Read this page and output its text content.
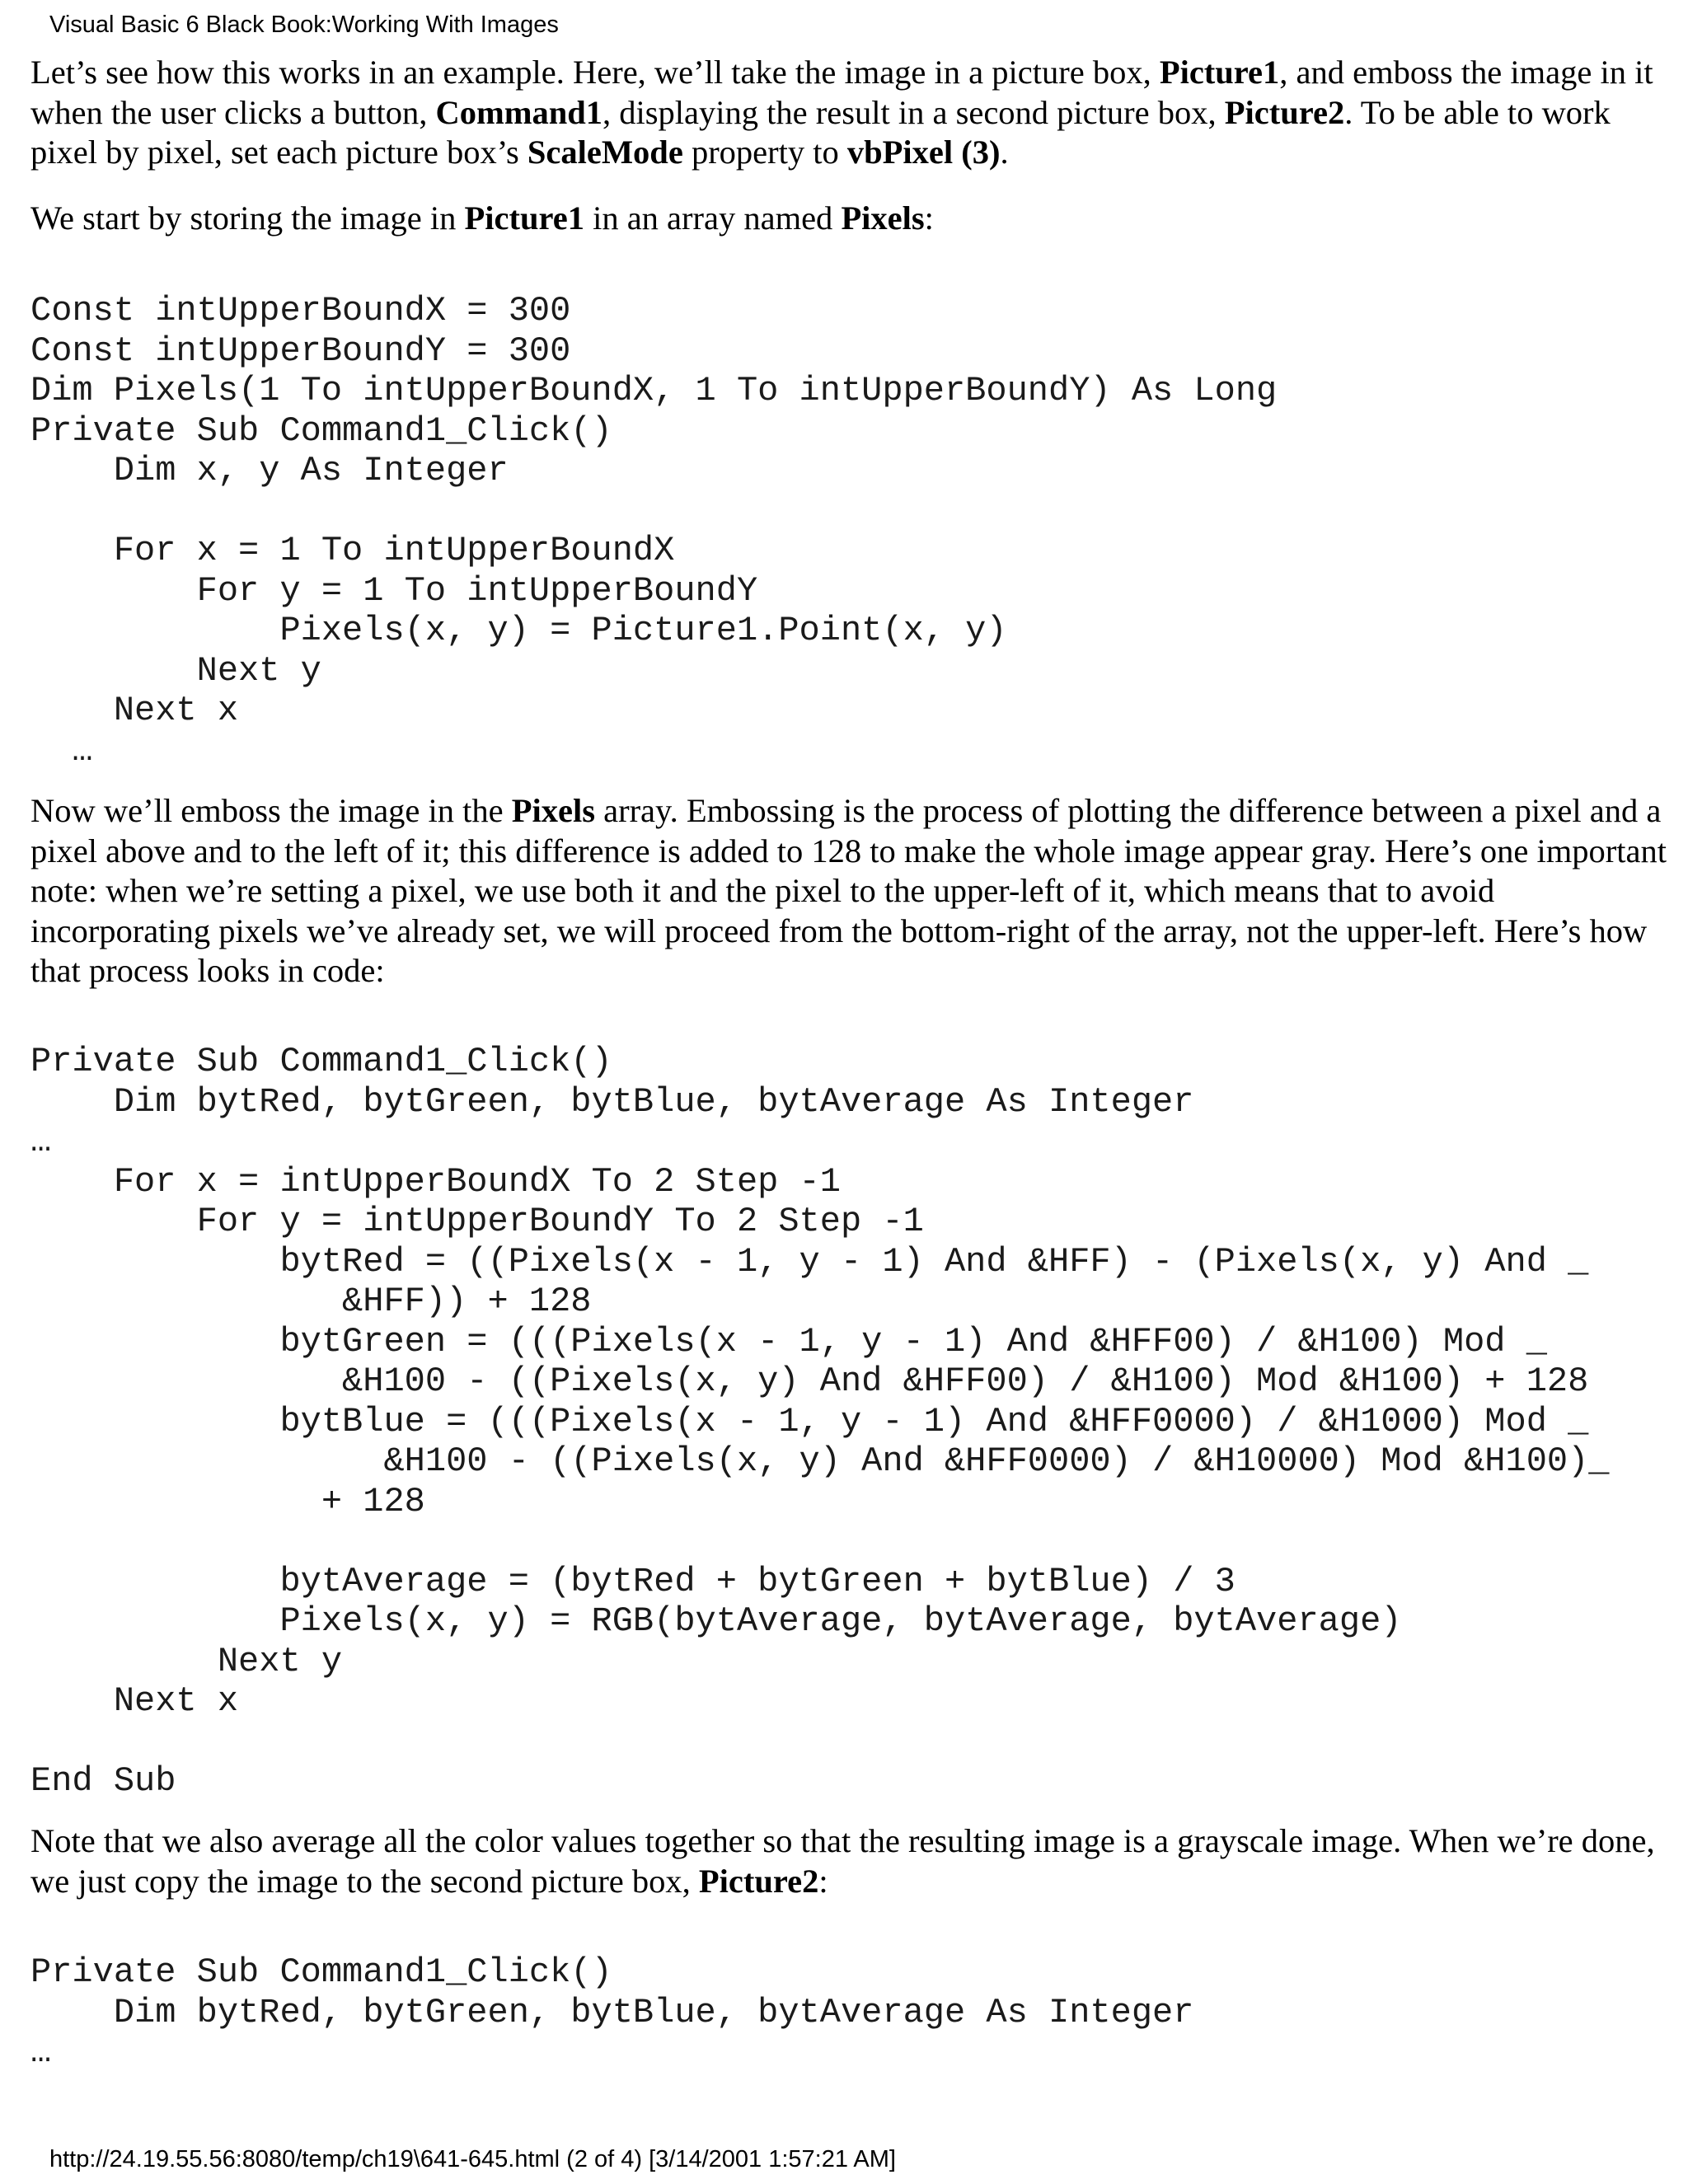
Visual Basic 6 Black Book:Working With Images

Let’s see how this works in an example. Here, we’ll take the image in a picture box, Picture1, and emboss the image in it when the user clicks a button, Command1, displaying the result in a second picture box, Picture2. To be able to work pixel by pixel, set each picture box’s ScaleMode property to vbPixel (3).

We start by storing the image in Picture1 in an array named Pixels:

Const intUpperBoundX = 300
Const intUpperBoundY = 300
Dim Pixels(1 To intUpperBoundX, 1 To intUpperBoundY) As Long
Private Sub Command1_Click()
Dim x, y As Integer

For x = 1 To intUpperBoundX
For y = 1 To intUpperBoundY
Pixels(x, y) = Picture1.Point(x, y)
Next y
Next x
…

Now we’ll emboss the image in the Pixels array. Embossing is the process of plotting the difference between a pixel and a pixel above and to the left of it; this difference is added to 128 to make the whole image appear gray. Here’s one important note: when we’re setting a pixel, we use both it and the pixel to the upper-left of it, which means that to avoid incorporating pixels we’ve already set, we will proceed from the bottom-right of the array, not the upper-left. Here’s how that process looks in code:

Private Sub Command1_Click()
Dim bytRed, bytGreen, bytBlue, bytAverage As Integer
…
For x = intUpperBoundX To 2 Step -1
For y = intUpperBoundY To 2 Step -1
bytRed = ((Pixels(x - 1, y - 1) And &HFF) - (Pixels(x, y) And _
&HFF)) + 128
bytGreen = (((Pixels(x - 1, y - 1) And &HFF00) / &H100) Mod _
&H100 - ((Pixels(x, y) And &HFF00) / &H100) Mod &H100) + 128
bytBlue = (((Pixels(x - 1, y - 1) And &HFF0000) / &H1000) Mod _
&H100 - ((Pixels(x, y) And &HFF0000) / &H10000) Mod &H100)_
+ 128

bytAverage = (bytRed + bytGreen + bytBlue) / 3
Pixels(x, y) = RGB(bytAverage, bytAverage, bytAverage)
Next y
Next x

End Sub

Note that we also average all the color values together so that the resulting image is a grayscale image. When we’re done, we just copy the image to the second picture box, Picture2:

Private Sub Command1_Click()
Dim bytRed, bytGreen, bytBlue, bytAverage As Integer
…
http://24.19.55.56:8080/temp/ch19\641-645.html (2 of 4) [3/14/2001 1:57:21 AM]
